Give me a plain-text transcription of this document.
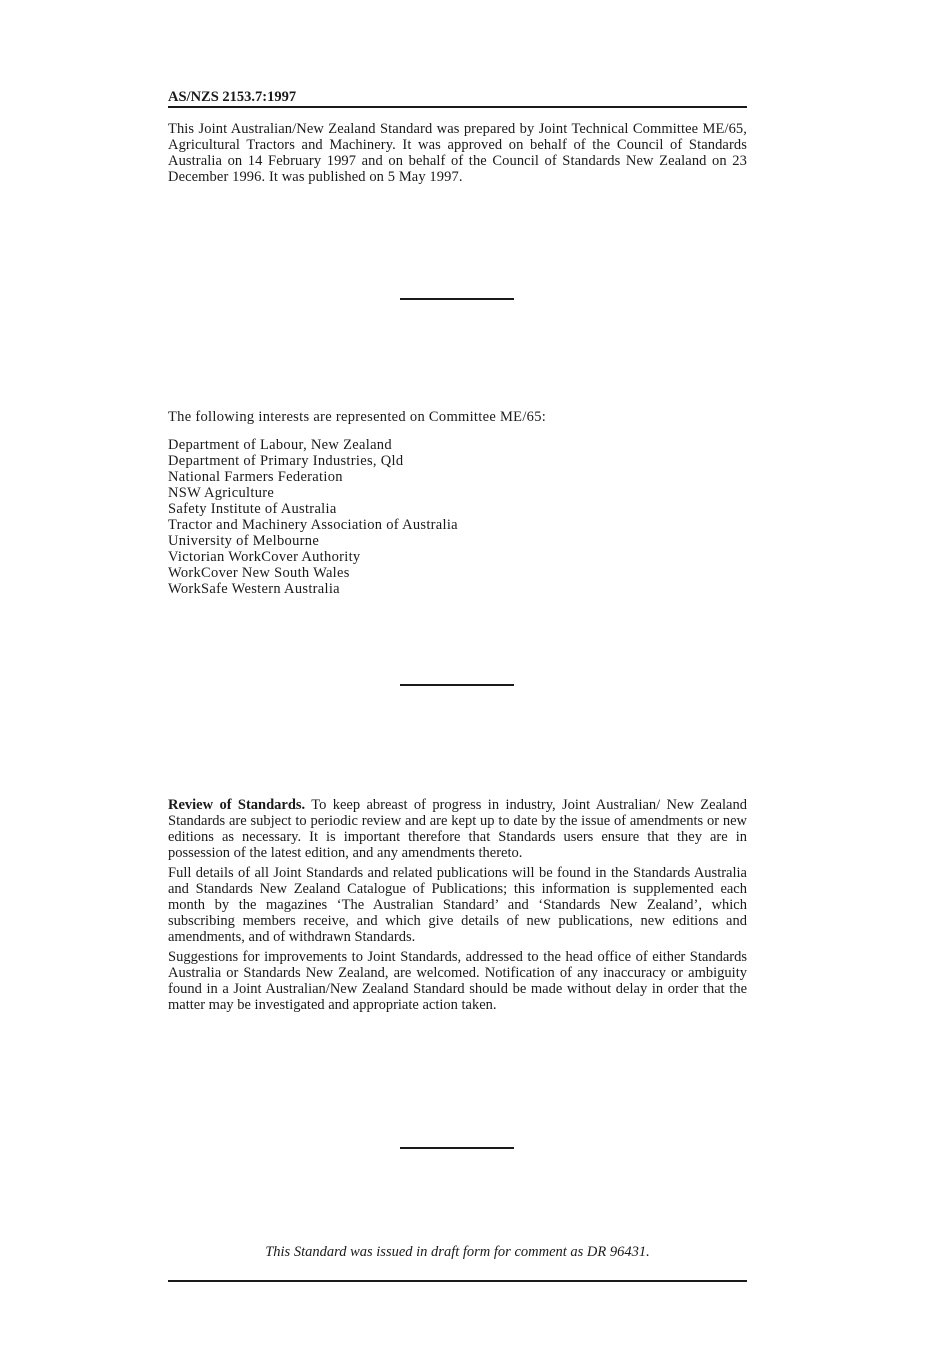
AS/NZS 2153.7:1997

This Joint Australian/New Zealand Standard was prepared by Joint Technical Committee ME/65, Agricultural Tractors and Machinery. It was approved on behalf of the Council of Standards Australia on 14 February 1997 and on behalf of the Council of Standards New Zealand on 23 December 1996. It was published on 5 May 1997.

The following interests are represented on Committee ME/65:
Department of Labour, New Zealand
Department of Primary Industries, Qld
National Farmers Federation
NSW Agriculture
Safety Institute of Australia
Tractor and Machinery Association of Australia
University of Melbourne
Victorian WorkCover Authority
WorkCover New South Wales
WorkSafe Western Australia

Review of Standards. To keep abreast of progress in industry, Joint Australian/ New Zealand Standards are subject to periodic review and are kept up to date by the issue of amendments or new editions as necessary. It is important therefore that Standards users ensure that they are in possession of the latest edition, and any amendments thereto.

Full details of all Joint Standards and related publications will be found in the Standards Australia and Standards New Zealand Catalogue of Publications; this information is supplemented each month by the magazines ‘The Australian Standard’ and ‘Standards New Zealand’, which subscribing members receive, and which give details of new publications, new editions and amendments, and of withdrawn Standards.

Suggestions for improvements to Joint Standards, addressed to the head office of either Standards Australia or Standards New Zealand, are welcomed. Notification of any inaccuracy or ambiguity found in a Joint Australian/New Zealand Standard should be made without delay in order that the matter may be investigated and appropriate action taken.

This Standard was issued in draft form for comment as DR 96431.
